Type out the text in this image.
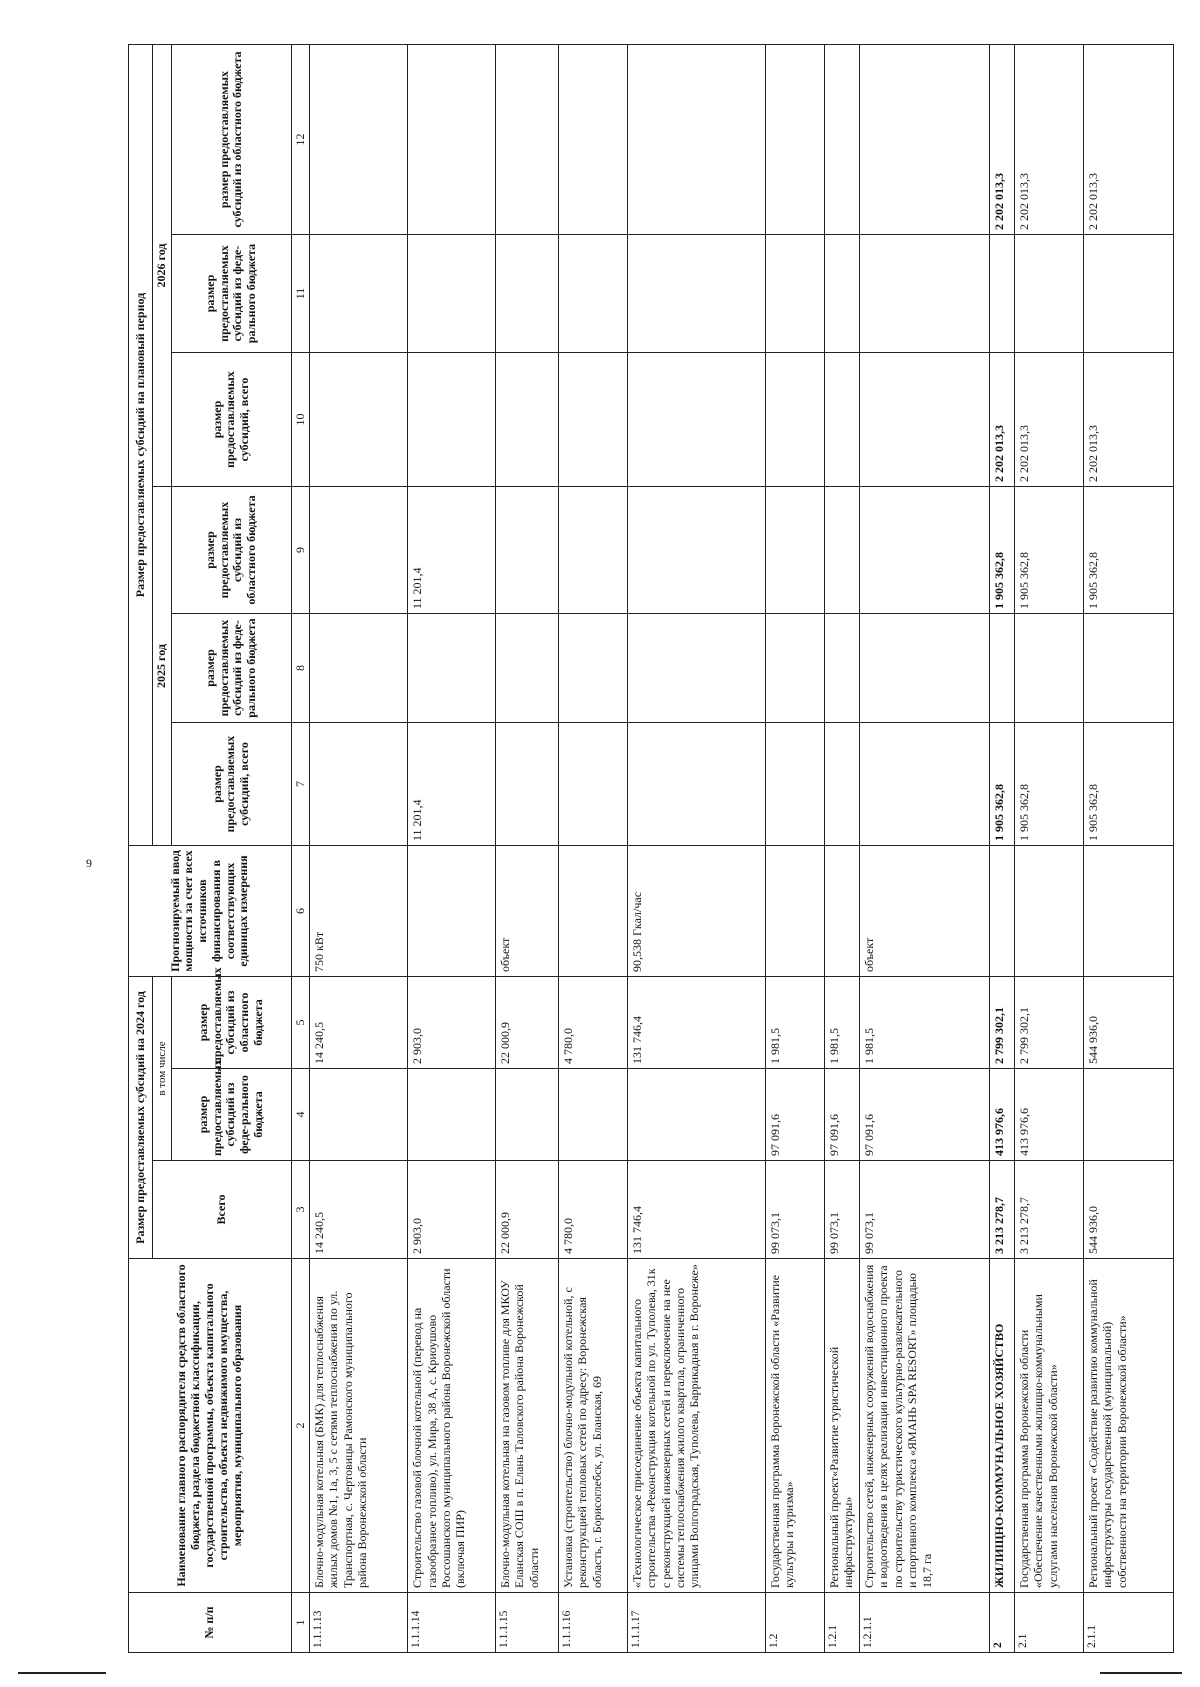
9
№ п/п	Наименование главного распорядителя средств областного бюджета, раздела бюджетной классификации, государственной программы, объекта капитального строительства, объекта недвижимого имущества, мероприятия, муниципального образования	Размер предоставляемых субсидий на 2024 год			Прогнозируемый ввод мощности за счет всех источников финансирования в соответствующих единицах измерения	Размер предоставляемых субсидий на плановый период					
		Всего	в том числе			2025 год			2026 год		
			размер предоставляемых субсидий из феде-рального бюджета	размер предоставляемых субсидий из областного бюджета		размер предоставляемых субсидий, всего	размер предоставляемых субсидий из феде-рального бюджета	размер предоставляемых субсидий из областного бюджета	размер предоставляемых субсидий, всего	размер предоставляемых субсидий из феде-рального бюджета	размер предоставляемых субсидий из областного бюджета
1	2	3	4	5	6	7	8	9	10	11	12
1.1.1.13	Блочно-модульная котельная (БМК) для теплоснабжения жилых домов №1, 1а, 3, 5 с сетями теплоснабжения по ул. Транспортная, с. Чертовицы Рамонского муниципального района Воронежской области	14 240,5		14 240,5	750 кВт						
1.1.1.14	Строительство газовой блочной котельной (перевод на газообразное топливо), ул. Мира, 38 А, с. Криоушово Россошанского муниципального района Воронежской области (включая ПИР)	2 903,0		2 903,0		11 201,4		11 201,4			
1.1.1.15	Блочно-модульная котельная на газовом топливе для МКОУ Еланская СОШ в п. Елань Таловского района Воронежской области	22 000,9		22 000,9	объект						
1.1.1.16	Установка (строительство) блочно-модульной котельной, с реконструкцией тепловых сетей по адресу: Воронежская область, г. Борисоглебск, ул. Бланская, 69	4 780,0		4 780,0							
1.1.1.17	«Технологическое присоединение объекта капитального строительства «Реконструкция котельной по ул. Туполева, 31к с реконструкцией инженерных сетей и переключение на нее системы теплоснабжения жилого квартала, ограниченного улицами Волгоградская, Туполева, Баррикадная в г. Воронеже»	131 746,4		131 746,4	90,538 Гкал/час						
1.2	Государственная программа Воронежской области «Развитие культуры и туризма»	99 073,1	97 091,6	1 981,5							
1.2.1	Региональный проект«Развитие туристической инфраструктуры»	99 073,1	97 091,6	1 981,5							
1.2.1.1	Строительство сетей, инженерных сооружений водоснабжения и водоотведения в целях реализации инвестиционного проекта по строительству туристического культурно-развлекательного и спортивного комплекса «ЯМАНЬ SPA RESORT» площадью 18,7 га	99 073,1	97 091,6	1 981,5	объект						
2	ЖИЛИЩНО-КОММУНАЛЬНОЕ ХОЗЯЙСТВО	3 213 278,7	413 976,6	2 799 302,1		1 905 362,8		1 905 362,8	2 202 013,3		2 202 013,3
2.1	Государственная программа Воронежской области «Обеспечение качественными жилищно-коммунальными услугами населения Воронежской области»	3 213 278,7	413 976,6	2 799 302,1		1 905 362,8		1 905 362,8	2 202 013,3		2 202 013,3
2.1.1	Региональный проект «Содействие развитию коммунальной инфраструктуры государственной (муниципальной) собственности на территории Воронежской области»	544 936,0		544 936,0		1 905 362,8		1 905 362,8	2 202 013,3		2 202 013,3
